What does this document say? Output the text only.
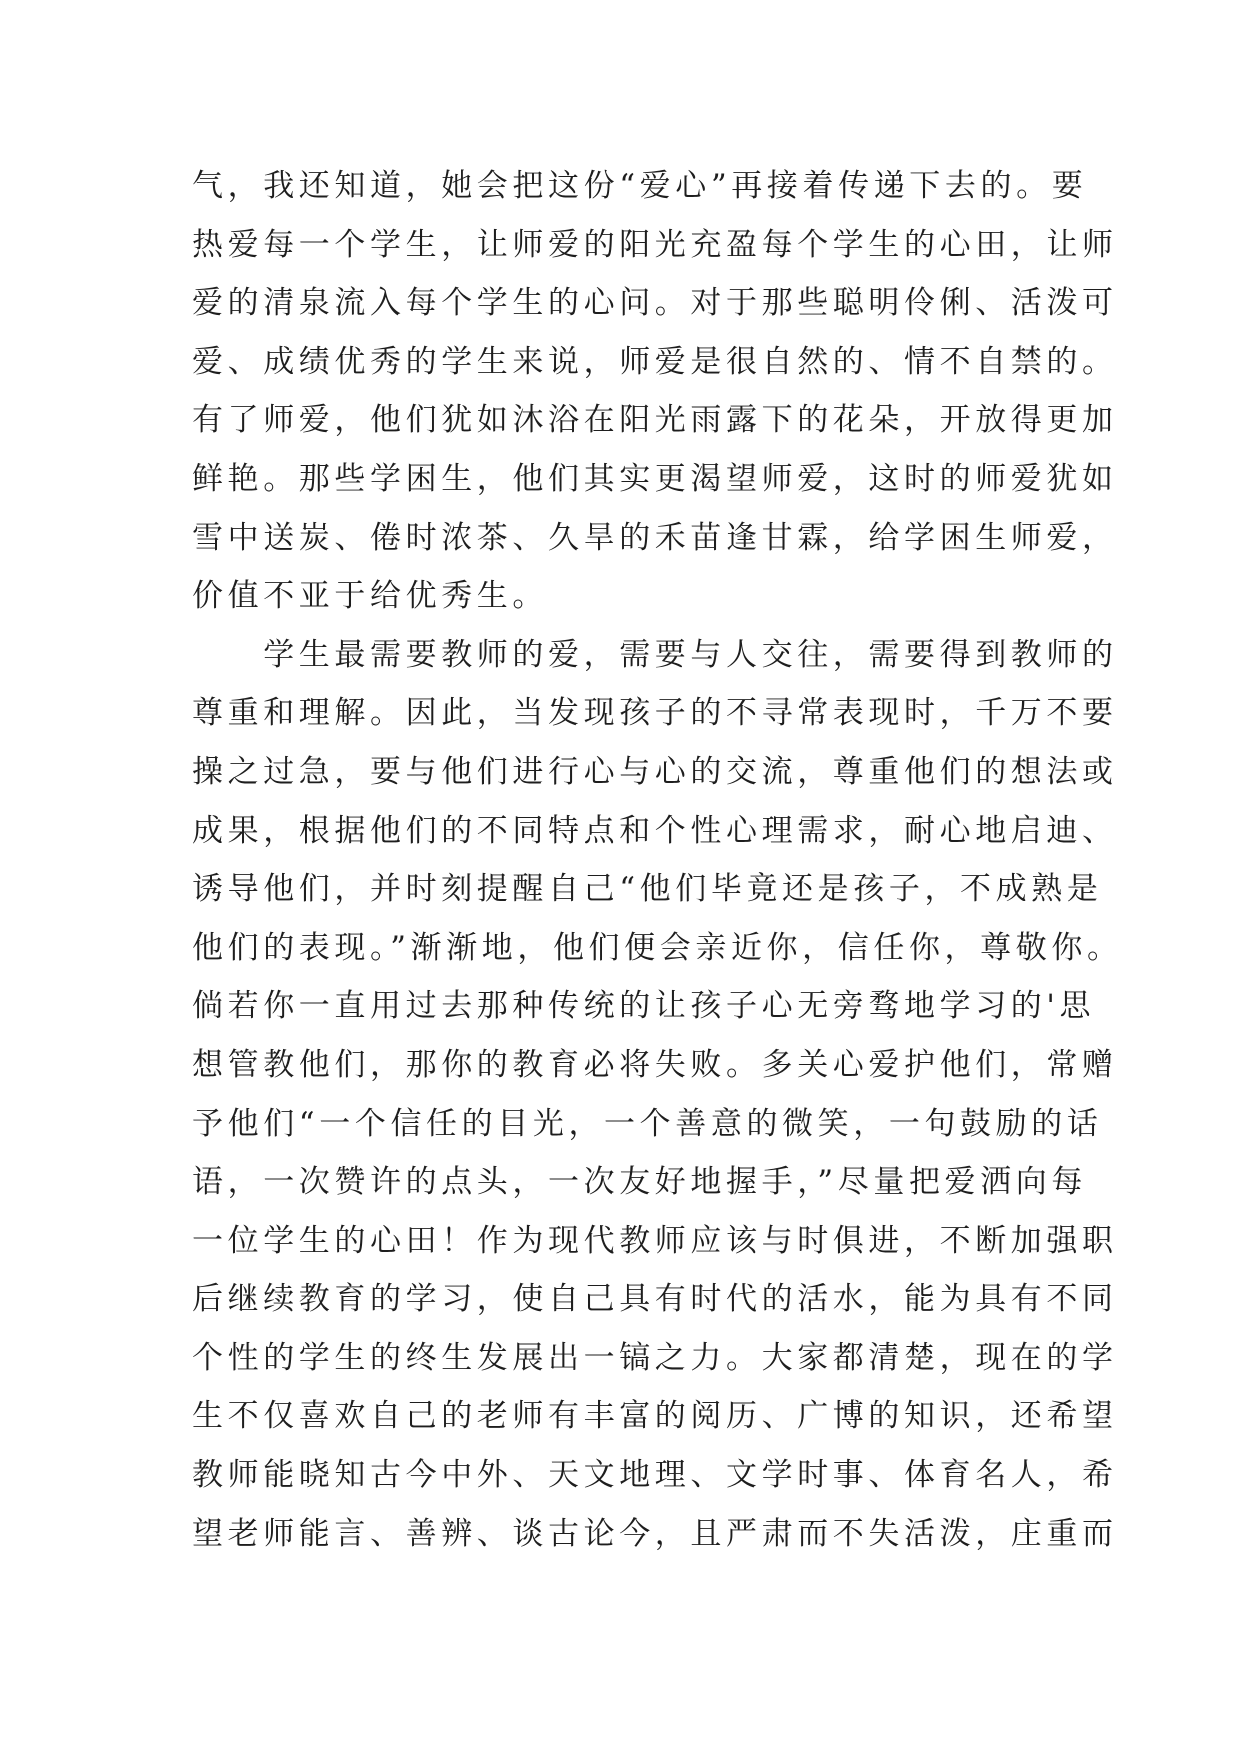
气，我还知道，她会把这份“爱心”再接着传递下去的。要
热爱每一个学生，让师爱的阳光充盈每个学生的心田，让师
爱的清泉流入每个学生的心问。对于那些聪明伶俐、活泼可
爱、成绩优秀的学生来说，师爱是很自然的、情不自禁的。
有了师爱，他们犹如沐浴在阳光雨露下的花朵，开放得更加
鲜艳。那些学困生，他们其实更渴望师爱，这时的师爱犹如
雪中送炭、倦时浓茶、久旱的禾苗逢甘霖，给学困生师爱，
价值不亚于给优秀生。
　　学生最需要教师的爱，需要与人交往，需要得到教师的
尊重和理解。因此，当发现孩子的不寻常表现时，千万不要
操之过急，要与他们进行心与心的交流，尊重他们的想法或
成果，根据他们的不同特点和个性心理需求，耐心地启迪、
诱导他们，并时刻提醒自己“他们毕竟还是孩子，不成熟是
他们的表现。”渐渐地，他们便会亲近你，信任你，尊敬你。
倘若你一直用过去那种传统的让孩子心无旁骛地学习的'思
想管教他们，那你的教育必将失败。多关心爱护他们，常赠
予他们“一个信任的目光，一个善意的微笑，一句鼓励的话
语，一次赞许的点头，一次友好地握手，”尽量把爱洒向每
一位学生的心田！作为现代教师应该与时俱进，不断加强职
后继续教育的学习，使自己具有时代的活水，能为具有不同
个性的学生的终生发展出一镐之力。大家都清楚，现在的学
生不仅喜欢自己的老师有丰富的阅历、广博的知识，还希望
教师能晓知古今中外、天文地理、文学时事、体育名人，希
望老师能言、善辨、谈古论今，且严肃而不失活泼，庄重而
